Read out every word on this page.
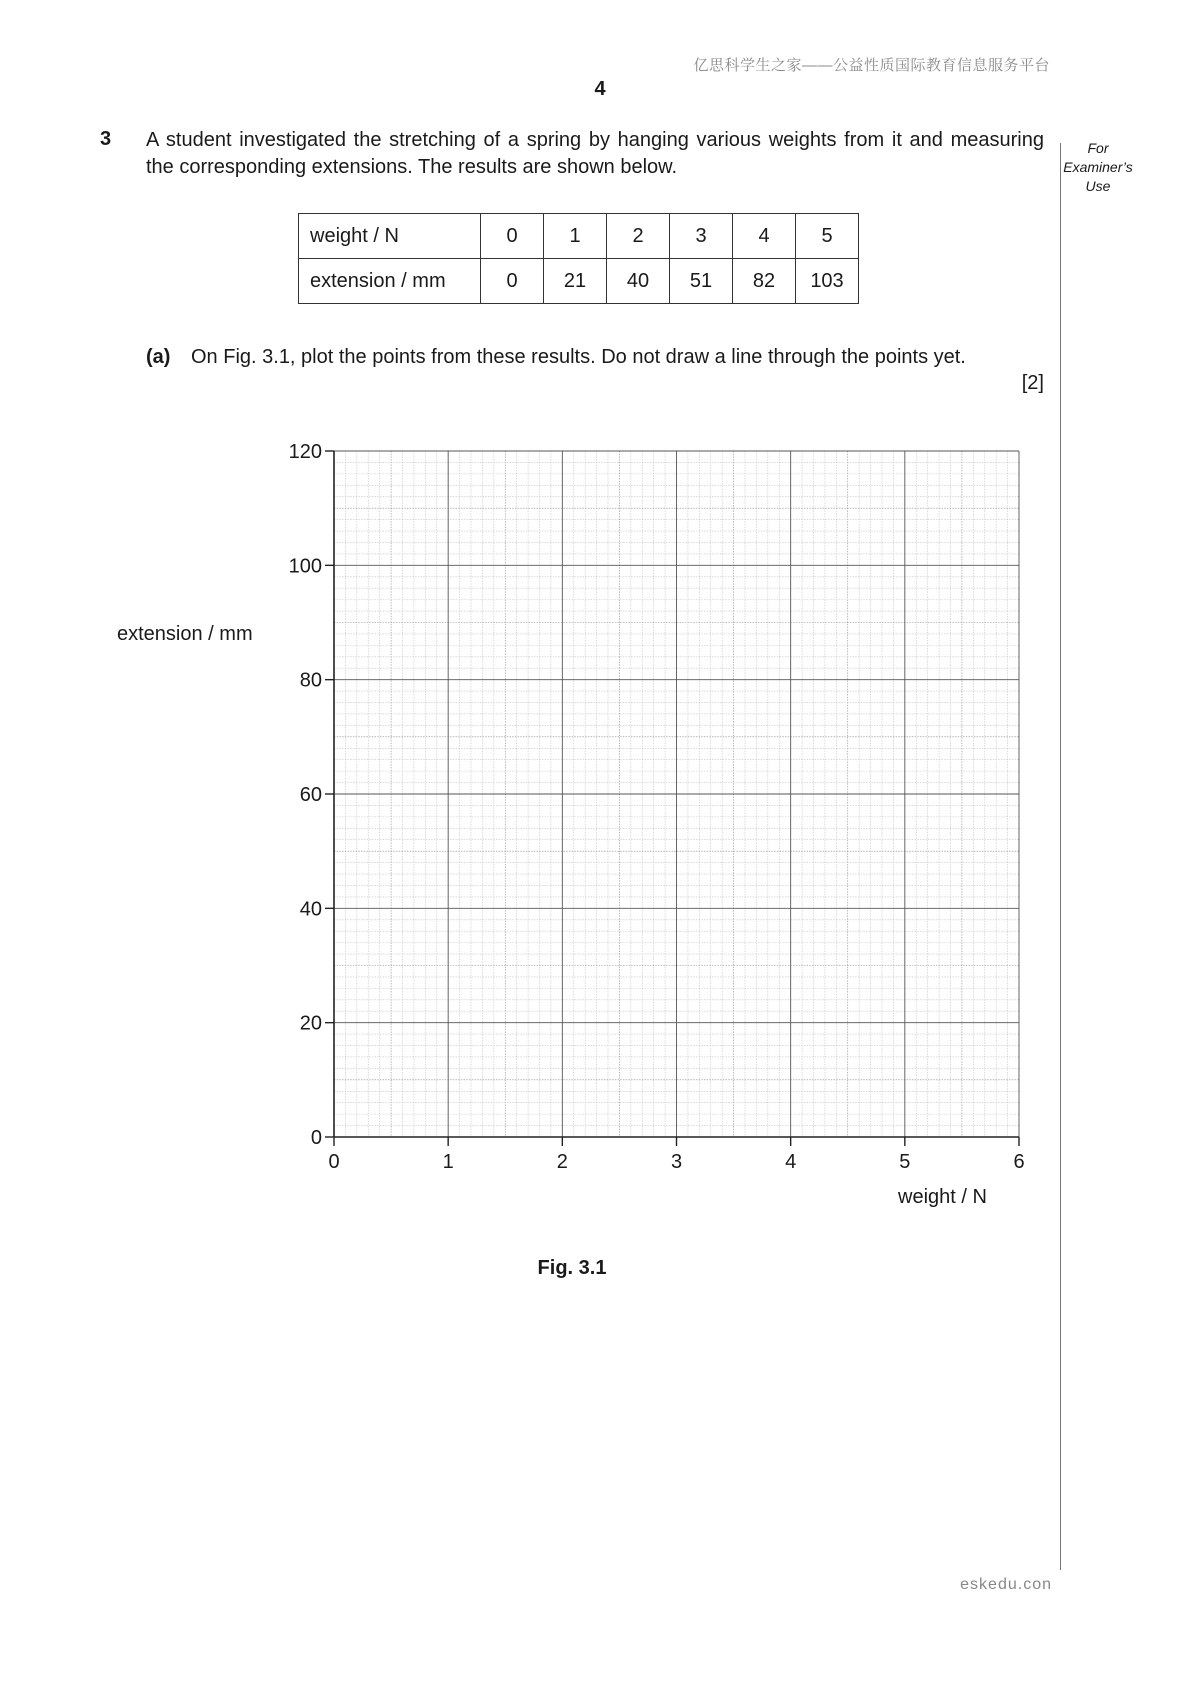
亿思科学生之家——公益性质国际教育信息服务平台
4
For
Examiner’s
Use
3 A student investigated the stretching of a spring by hanging various weights from it and measuring the corresponding extensions. The results are shown below.
weight / N	0	1	2	3	4	5
extension / mm	0	21	40	51	82	103
(a) On Fig. 3.1, plot the points from these results. Do not draw a line through the points yet.
[2]
0	1	2	3	4	5	6
0
20
40
60
80
100
120
extension / mm
weight / N
Fig. 3.1
eskedu.con
